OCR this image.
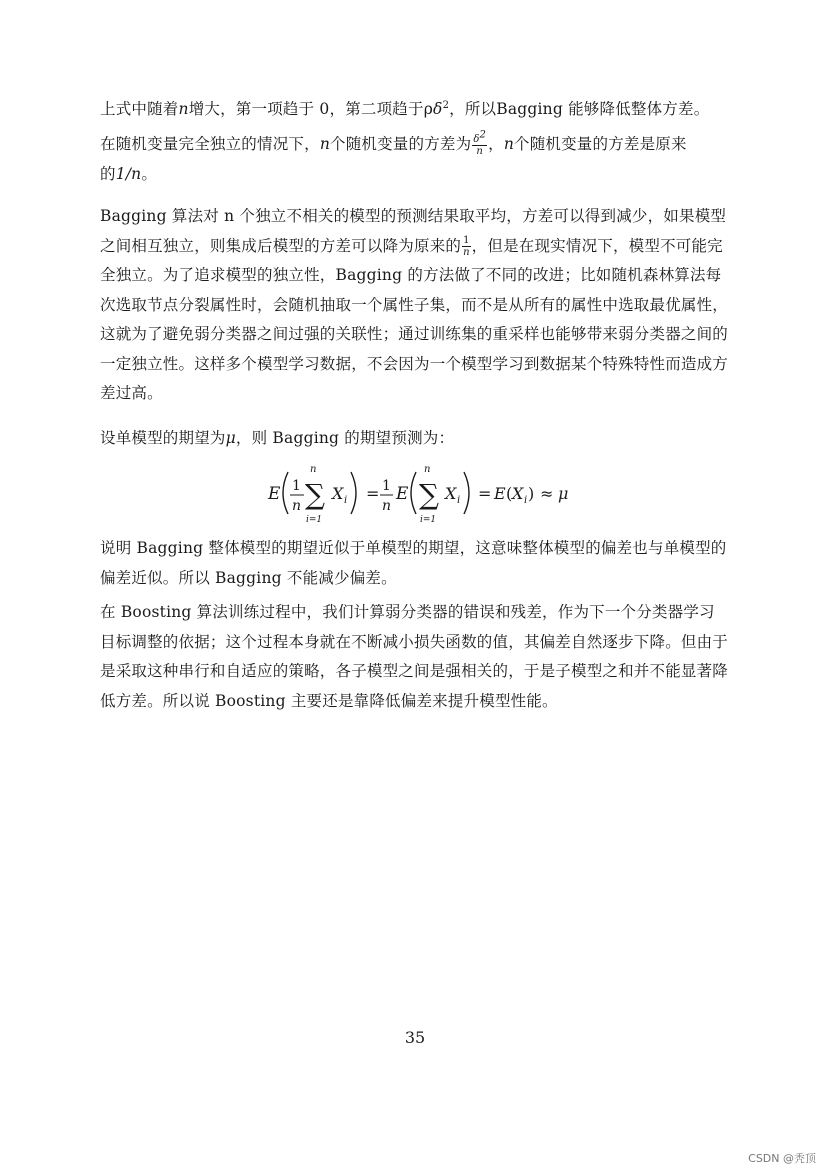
上式中随着n增大，第一项趋于 0，第二项趋于$\rho\delta^2$，所以Bagging 能够降低整体方差。
在随机变量完全独立的情况下，n个随机变量的方差为 $\frac{\delta 2}{n}$ ，n个随机变量的方差是原来
的1/n。
Bagging 算法对 n 个独立不相关的模型的预测结果取平均，方差可以得到减少，如果模型之间相互独立，则集成后模型的方差可以降为原来的 $\frac{1}{n}$ ，但是在现实情况下，模型不可能完全独立。为了追求模型的独立性，Bagging 的方法做了不同的改进；比如随机森林算法每次选取节点分裂属性时，会随机抽取一个属性子集，而不是从所有的属性中选取最优属性，这就为了避免弱分类器之间过强的关联性；通过训练集的重采样也能够带来弱分类器之间的一定独立性。这样多个模型学习数据，不会因为一个模型学习到数据某个特殊特性而造成方差过高。
设单模型的期望为μ，则 Bagging 的期望预测为：
E 1
n
n
∑
i=1
X i = 1
n
E
n
∑
i=1
X i = E ( X i ) ≈ μ
说明 Bagging 整体模型的期望近似于单模型的期望，这意味整体模型的偏差也与单模型的偏差近似。所以 Bagging 不能减少偏差。
在 Boosting 算法训练过程中，我们计算弱分类器的错误和残差，作为下一个分类器学习目标调整的依据；这个过程本身就在不断减小损失函数的值，其偏差自然逐步下降。但由于是采取这种串行和自适应的策略，各子模型之间是强相关的，于是子模型之和并不能显著降低方差。所以说 Boosting 主要还是靠降低偏差来提升模型性能。
35
CSDN @秃顶
